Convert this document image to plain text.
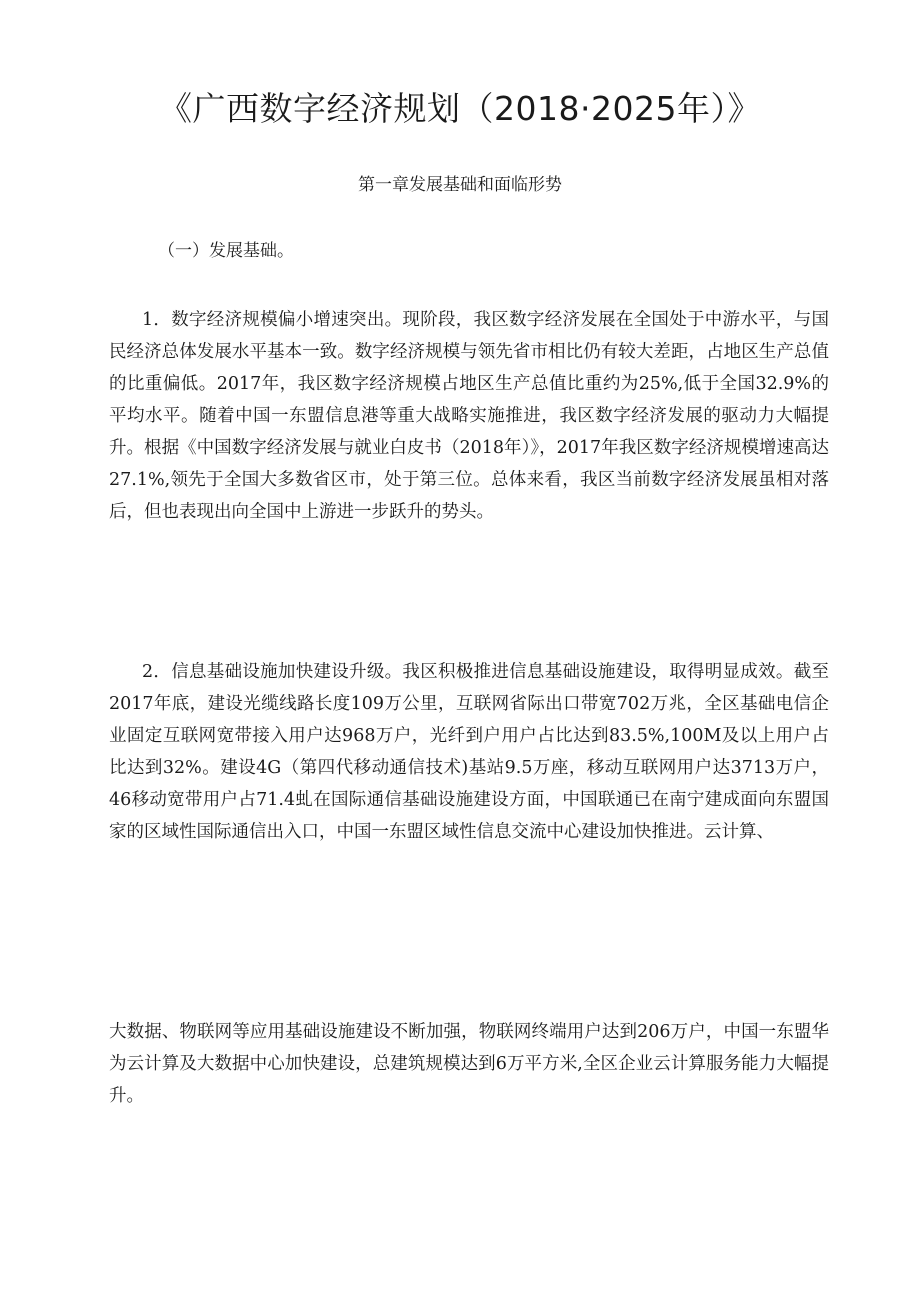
《广西数字经济规划（2018·2025年）》
第一章发展基础和面临形势
（一）发展基础。
1．数字经济规模偏小增速突出。现阶段，我区数字经济发展在全国处于中游水平，与国民经济总体发展水平基本一致。数字经济规模与领先省市相比仍有较大差距，占地区生产总值的比重偏低。2017年，我区数字经济规模占地区生产总值比重约为25%,低于全国32.9%的平均水平。随着中国一东盟信息港等重大战略实施推进，我区数字经济发展的驱动力大幅提升。根据《中国数字经济发展与就业白皮书（2018年）》，2017年我区数字经济规模增速高达27.1%,领先于全国大多数省区市，处于第三位。总体来看，我区当前数字经济发展虽相对落后，但也表现出向全国中上游进一步跃升的势头。
2．信息基础设施加快建设升级。我区积极推进信息基础设施建设，取得明显成效。截至2017年底，建设光缆线路长度109万公里，互联网省际出口带宽702万兆，全区基础电信企业固定互联网宽带接入用户达968万户，光纤到户用户占比达到83.5%,100M及以上用户占比达到32%。建设4G（第四代移动通信技术)基站9.5万座，移动互联网用户达3713万户，46移动宽带用户占71.4虬在国际通信基础设施建设方面，中国联通已在南宁建成面向东盟国家的区域性国际通信出入口，中国一东盟区域性信息交流中心建设加快推进。云计算、
大数据、物联网等应用基础设施建设不断加强，物联网终端用户达到206万户，中国一东盟华为云计算及大数据中心加快建设，总建筑规模达到6万平方米,全区企业云计算服务能力大幅提升。
